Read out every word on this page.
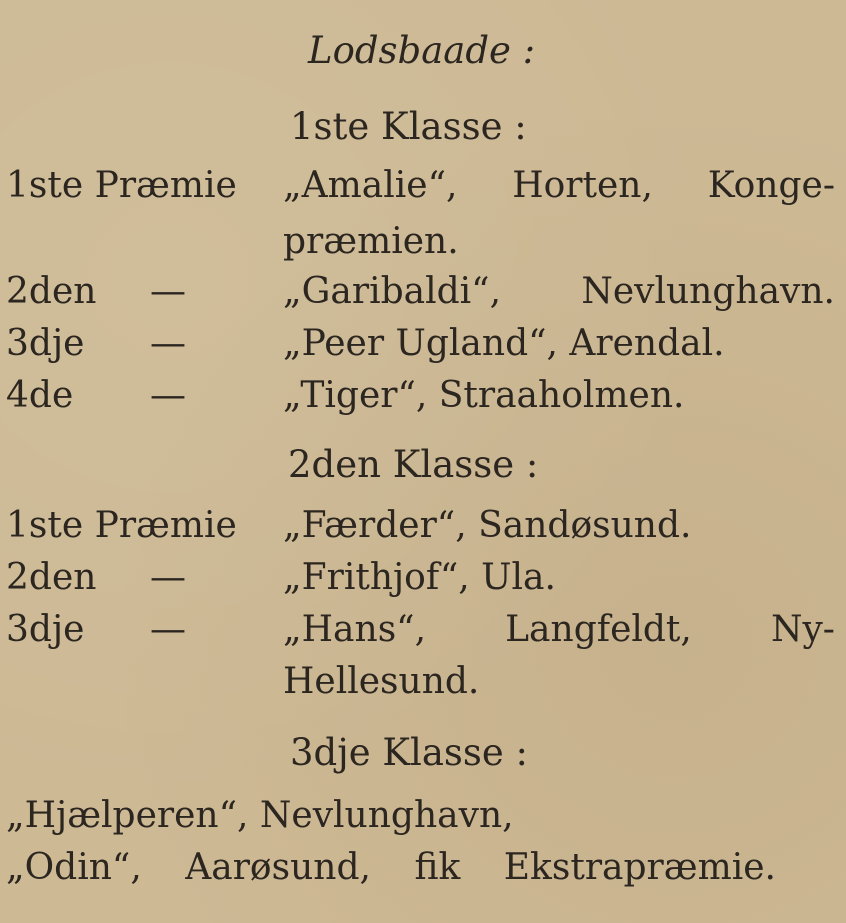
Lodsbaade :
1ste Klasse :
1ste Præmie „Amalie“, Horten, Konge-
præmien.
2den —	„Garibaldi“, Nevlunghavn.
3dje —	„Peer Ugland“, Arendal.
4de —	„Tiger“, Straaholmen.
2den Klasse :
1ste Præmie „Færder“, Sandøsund.
2den —	„Frithjof“, Ula.
3dje —	„Hans“, Langfeldt, Ny-
Hellesund.
3dje Klasse :
„Hjælperen“, Nevlunghavn,
„Odin“, Aarøsund, fik Ekstrapræmie.
